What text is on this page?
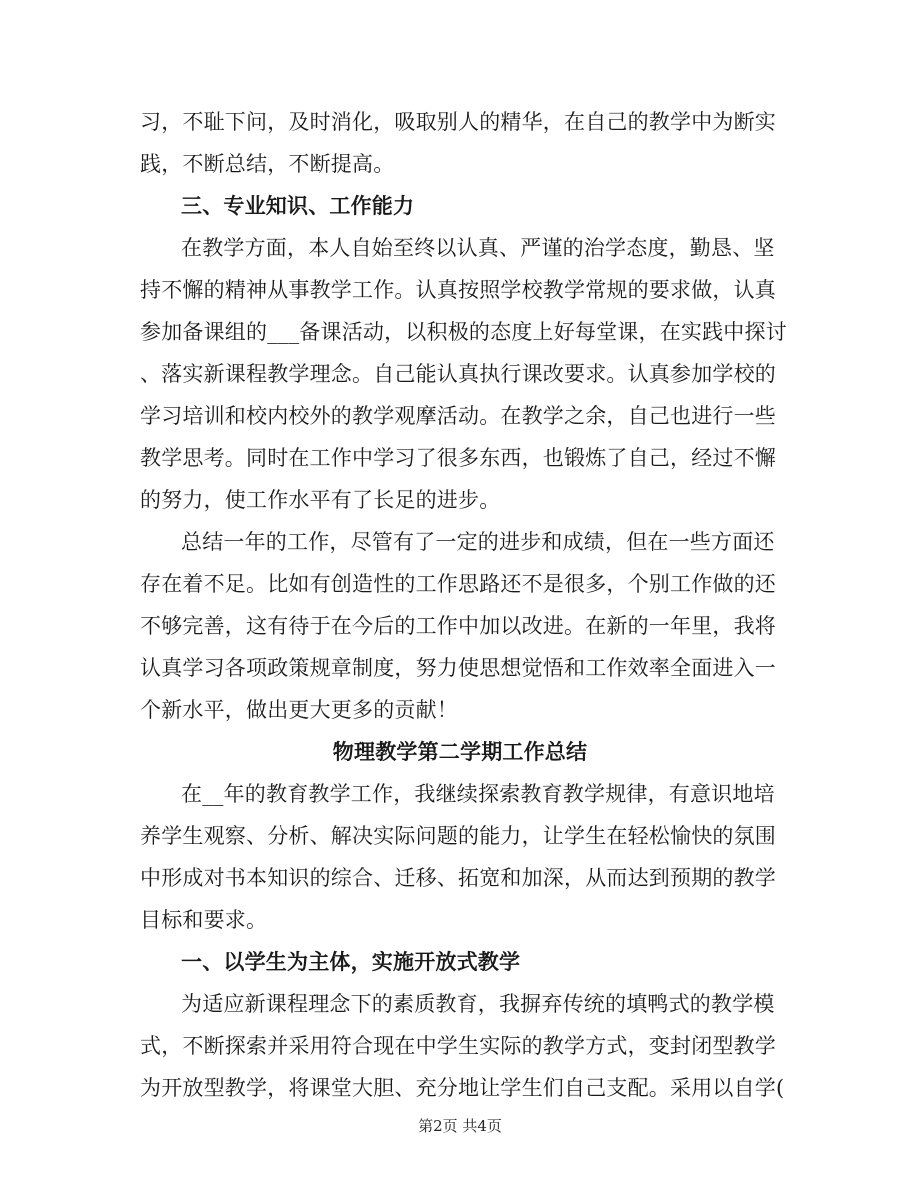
习，不耻下问，及时消化，吸取别人的精华，在自己的教学中为断实
践，不断总结，不断提高。
三、专业知识、工作能力
在教学方面，本人自始至终以认真、严谨的治学态度，勤恳、坚
持不懈的精神从事教学工作。认真按照学校教学常规的要求做，认真
参加备课组的___备课活动，以积极的态度上好每堂课，在实践中探讨
、落实新课程教学理念。自己能认真执行课改要求。认真参加学校的
学习培训和校内校外的教学观摩活动。在教学之余，自己也进行一些
教学思考。同时在工作中学习了很多东西，也锻炼了自己，经过不懈
的努力，使工作水平有了长足的进步。
总结一年的工作，尽管有了一定的进步和成绩，但在一些方面还
存在着不足。比如有创造性的工作思路还不是很多，个别工作做的还
不够完善，这有待于在今后的工作中加以改进。在新的一年里，我将
认真学习各项政策规章制度，努力使思想觉悟和工作效率全面进入一
个新水平，做出更大更多的贡献！
物理教学第二学期工作总结
在__年的教育教学工作，我继续探索教育教学规律，有意识地培
养学生观察、分析、解决实际问题的能力，让学生在轻松愉快的氛围
中形成对书本知识的综合、迁移、拓宽和加深，从而达到预期的教学
目标和要求。
一、以学生为主体，实施开放式教学
为适应新课程理念下的素质教育，我摒弃传统的填鸭式的教学模
式，不断探索并采用符合现在中学生实际的教学方式，变封闭型教学
为开放型教学，将课堂大胆、充分地让学生们自己支配。采用以自学(
第2页 共4页
